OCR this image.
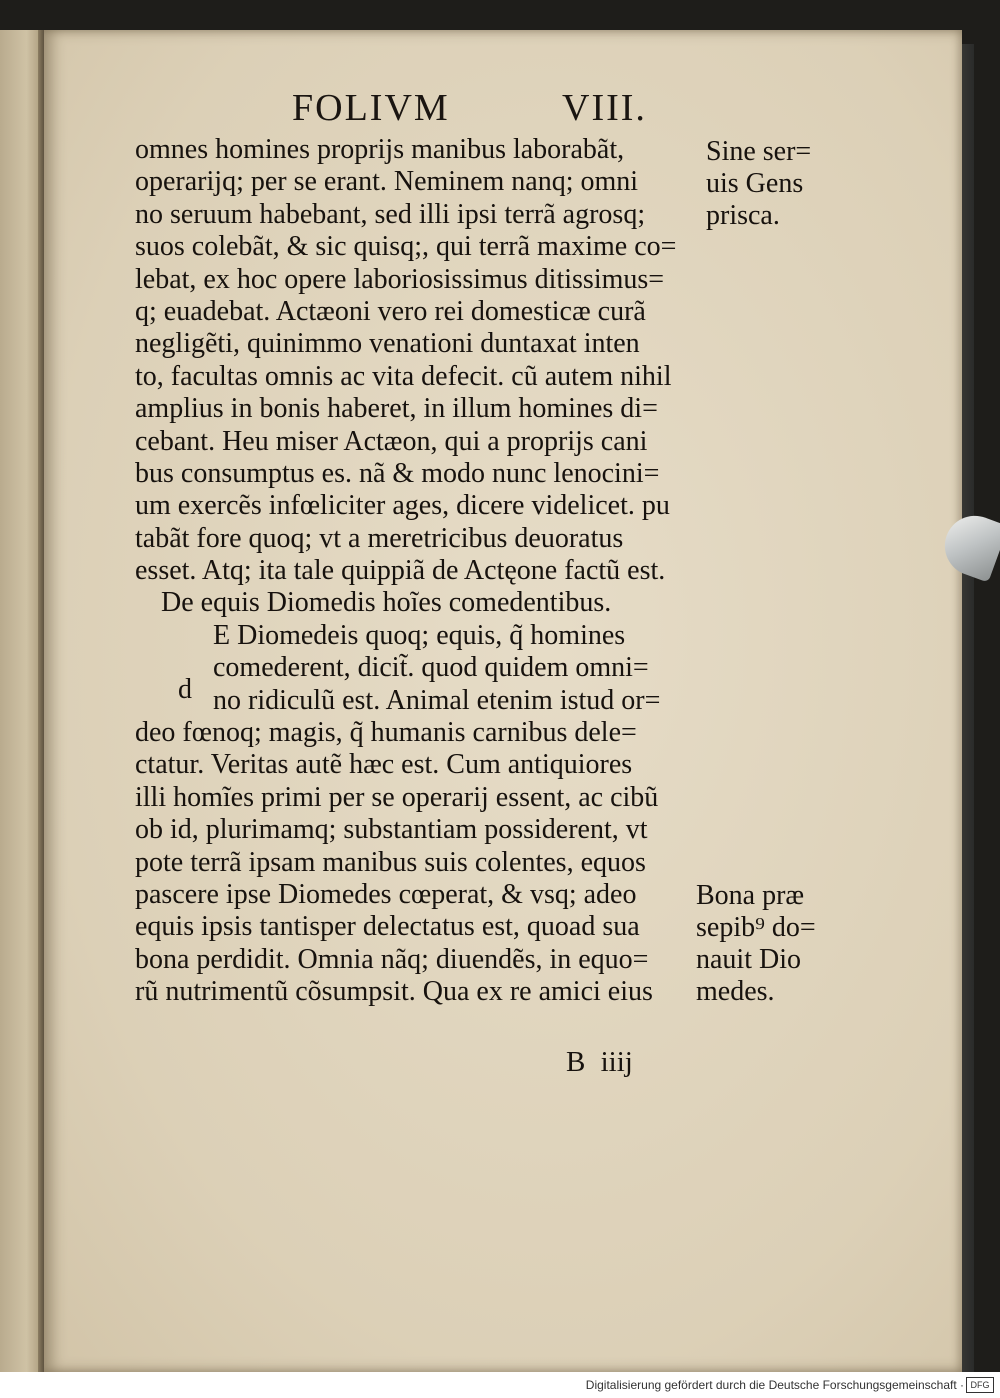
FOLIVM	VIII.
omnes homines proprijs manibus laborabãt,
operarijq; per se erant. Neminem nanq; omni
no seruum habebant, sed illi ipsi terrã agrosq;
suos colebãt, & sic quisq;, qui terrã maxime co=
lebat, ex hoc opere laboriosissimus ditissimus=
q; euadebat. Actæoni vero rei domesticæ curã
negligẽti, quinimmo venationi duntaxat inten
to, facultas omnis ac vita defecit. cũ autem nihil
amplius in bonis haberet, in illum homines di=
cebant. Heu miser Actæon, qui a proprijs cani
bus consumptus es. nã & modo nunc lenocini=
um exercẽs infœliciter ages, dicere videlicet. pu
tabãt fore quoq; vt a meretricibus deuoratus
esset. Atq; ita tale quippiã de Actęone factũ est.
De equis Diomedis hoĩes comedentibus.
E Diomedeis quoq; equis, q̃ homines
comederent, dicit̃. quod quidem omni=
no ridiculũ est. Animal etenim istud or=
deo fœnoq; magis, q̃ humanis carnibus dele=
ctatur. Veritas autẽ hæc est. Cum antiquiores
illi homĩes primi per se operarij essent, ac cibũ
ob id, plurimamq; substantiam possiderent, vt
pote terrã ipsam manibus suis colentes, equos
pascere ipse Diomedes cœperat, & vsq; adeo
equis ipsis tantisper delectatus est, quoad sua
bona perdidit. Omnia nãq; diuendẽs, in equo=
rũ nutrimentũ cõsumpsit. Qua ex re amici eius
d
B iiij
Sine ser=
uis Gens
prisca.
Bona præ
sepib⁹ do=
nauit Dio
medes.
Digitalisierung gefördert durch die Deutsche Forschungsgemeinschaft · DFG
